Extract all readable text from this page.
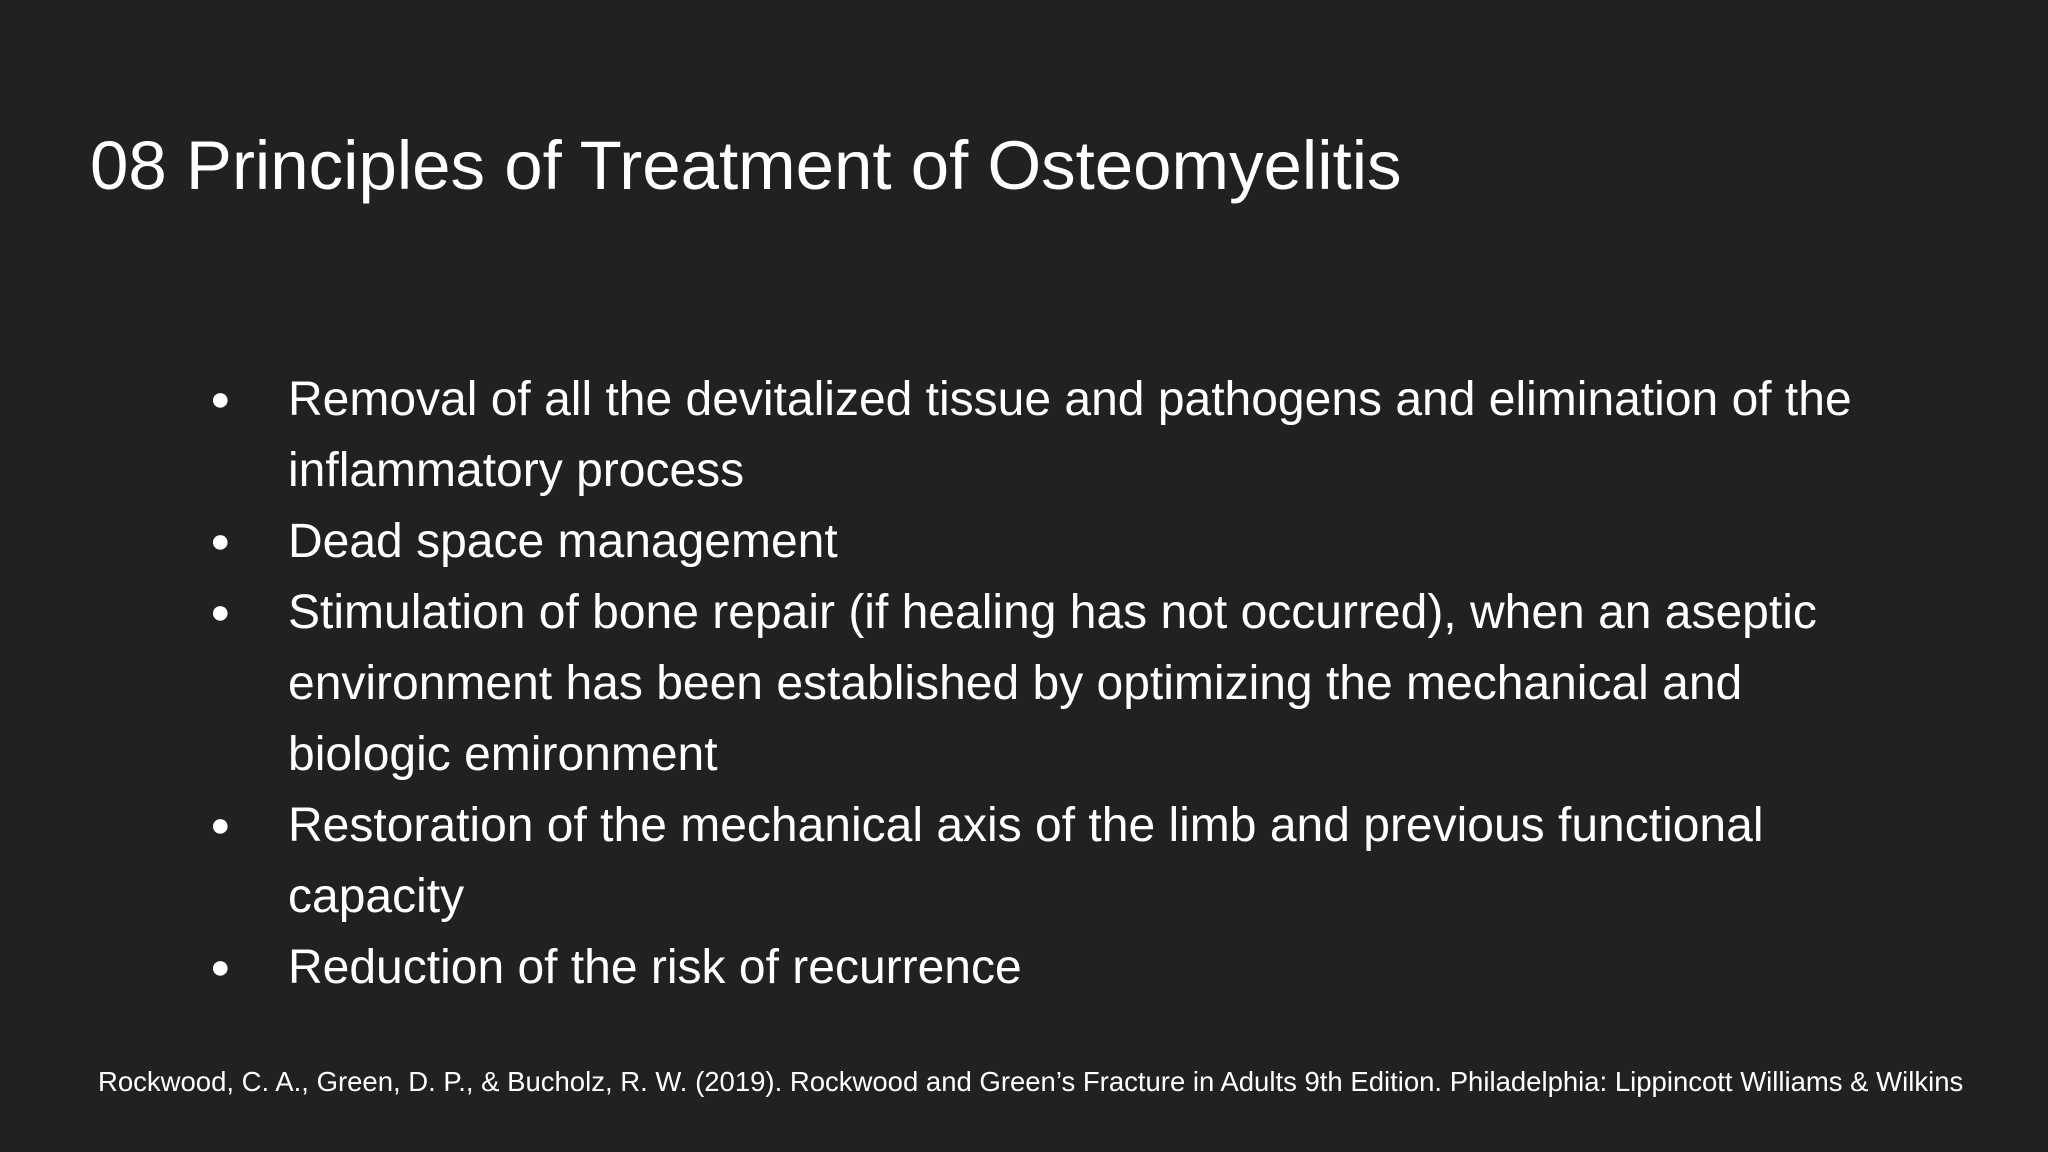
08 Principles of Treatment of Osteomyelitis
●	Removal of all the devitalized tissue and pathogens and elimination of the inflammatory process
●	Dead space management
●	Stimulation of bone repair (if healing has not occurred), when an aseptic environment has been established by optimizing the mechanical and biologic emironment
●	Restoration of the mechanical axis of the limb and previous functional capacity
●	Reduction of the risk of recurrence

Rockwood, C. A., Green, D. P., & Bucholz, R. W. (2019). Rockwood and Green’s Fracture in Adults 9th Edition. Philadelphia: Lippincott Williams & Wilkins
